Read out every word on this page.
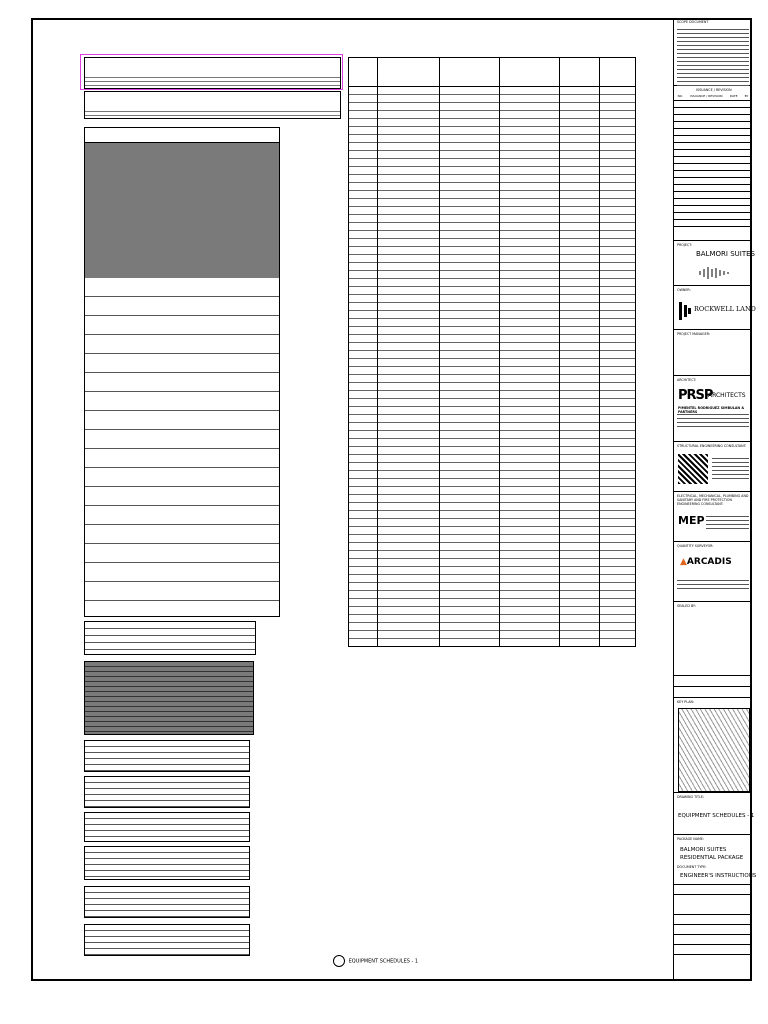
EQUIPMENT SCHEDULES - 1
SCOPE DOCUMENT
ISSUANCE / REVISION
NO. ISSUANCE / REVISION DATE BY
PROJECT:
BALMORI SUITES
OWNER:
ROCKWELL LAND
PROJECT MANAGER:
ARCHITECT:
PRSP
ARCHITECTS
PIMENTEL RODRIGUEZ SIMBULAN & PARTNERS
STRUCTURAL ENGINEERING CONSULTANT:
ELECTRICAL, MECHANICAL, PLUMBING AND SANITARY AND FIRE PROTECTION ENGINEERING CONSULTANT:
MEP
QUANTITY SURVEYOR:
▲ARCADIS
SEALED BY:
KEY PLAN:
DRAWING TITLE:
EQUIPMENT SCHEDULES - 1
PACKAGE NAME:
BALMORI SUITES
RESIDENTIAL PACKAGE
DOCUMENT TYPE:
ENGINEER'S INSTRUCTIONS
